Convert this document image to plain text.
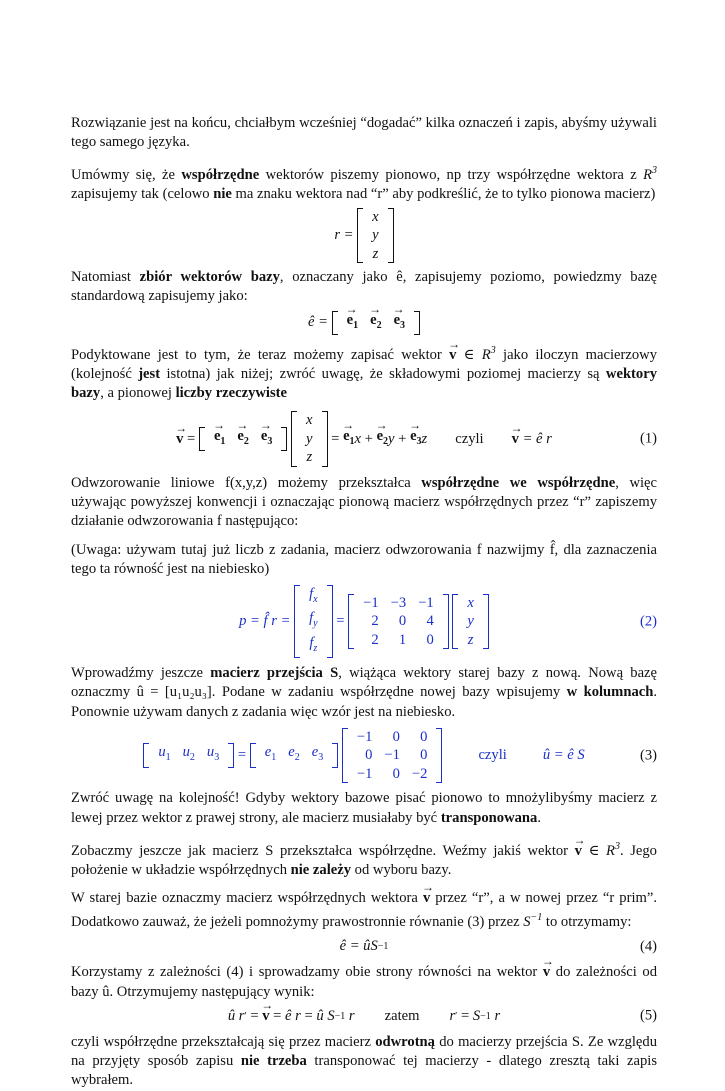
Rozwiązanie jest na końcu, chciałbym wcześniej “dogadać” kilka oznaczeń i zapis, abyśmy używali tego samego języka.

Umówmy się, że współrzędne wektorów piszemy pionowo, np trzy współrzędne wektora z $R^3$ zapisujemy tak (celowo nie ma znaku wektora nad “r” aby podkreślić, że to tylko pionowa macierz)

r =

x
y
z

Natomiast zbiór wektorów bazy, oznaczany jako ê, zapisujemy poziomo, powiedzmy bazę standardową zapisujemy jako:

ê =
→ $e_1$	$\to e_2$	$\to e_3$

Podyktowane jest to tym, że teraz możemy zapisać wektor → v ∈ $R^3$ jako iloczyn macierzowy (kolejność jest istotna) jak niżej; zwróć uwagę, że składowymi poziomej macierzy są wektory bazy, a pionowej liczby rzeczywiste

→ v = → $e_1$	$\to e_2$	$\to e_3$

x
y
z
= → $e_1$ x + → $e_2$ y + → $e_3$ z czyli → v
= ê r	(1)

Odwzorowanie liniowe f(x,y,z) możemy przekształca współrzędne we współrzędne, więc używając powyższej konwencji i oznaczając pionową macierz współrzędnych przez “r” zapiszemy działanie odwzorowania f następująco:

(Uwaga: używam tutaj już liczb z zadania, macierz odwzorowania f nazwijmy f̂, dla zaznaczenia tego ta równość jest na niebiesko)

p = f̂ r =

$f_x$
$f_y$
$f_z$
=
−1	−3	−1
2	0	4
2	1	0

x
y
z
(2)

Wprowadźmy jeszcze macierz przejścia S, wiążąca wektory starej bazy z nową. Nową bazę oznaczmy û = [u₁u₂u₃]. Podane w zadaniu współrzędne nowej bazy wpisujemy w kolumnach. Ponownie używam danych z zadania więc wzór jest na niebiesko.

$u_1$	$u_2$	$u_3 = e_1$	$e_2$	$e_3$

−1	0	0
0	−1	0
−1	0	−2
czyli û = ê S	(3)

Zwróć uwagę na kolejność! Gdyby wektory bazowe pisać pionowo to mnożylibyśmy macierz z lewej przez wektor z prawej strony, ale macierz musiałaby być transponowana.

Zobaczmy jeszcze jak macierz S przekształca współrzędne. Weźmy jakiś wektor → v ∈ $R^3$. Jego położenie w układzie współrzędnych nie zależy od wyboru bazy.

W starej bazie oznaczmy macierz współrzędnych wektora → v przez “r”, a w nowej przez “r prim”. Dodatkowo zauważ, że jeżeli pomnożymy prawostronnie równanie (3) przez $S^{-1}$ to otrzymamy:

ê = ûS −1	(4)

Korzystamy z zależności (4) i sprowadzamy obie strony równości na wektor → v do zależności od bazy û. Otrzymujemy następujący wynik:

û r ′ = → v = ê r = û S −1
r zatem r ′ = S −1
r	(5)

czyli współrzędne przekształcają się przez macierz odwrotną do macierzy przejścia S. Ze względu na przyjęty sposób zapisu nie trzeba transponować tej macierzy - dlatego zresztą taki zapis wybrałem.
